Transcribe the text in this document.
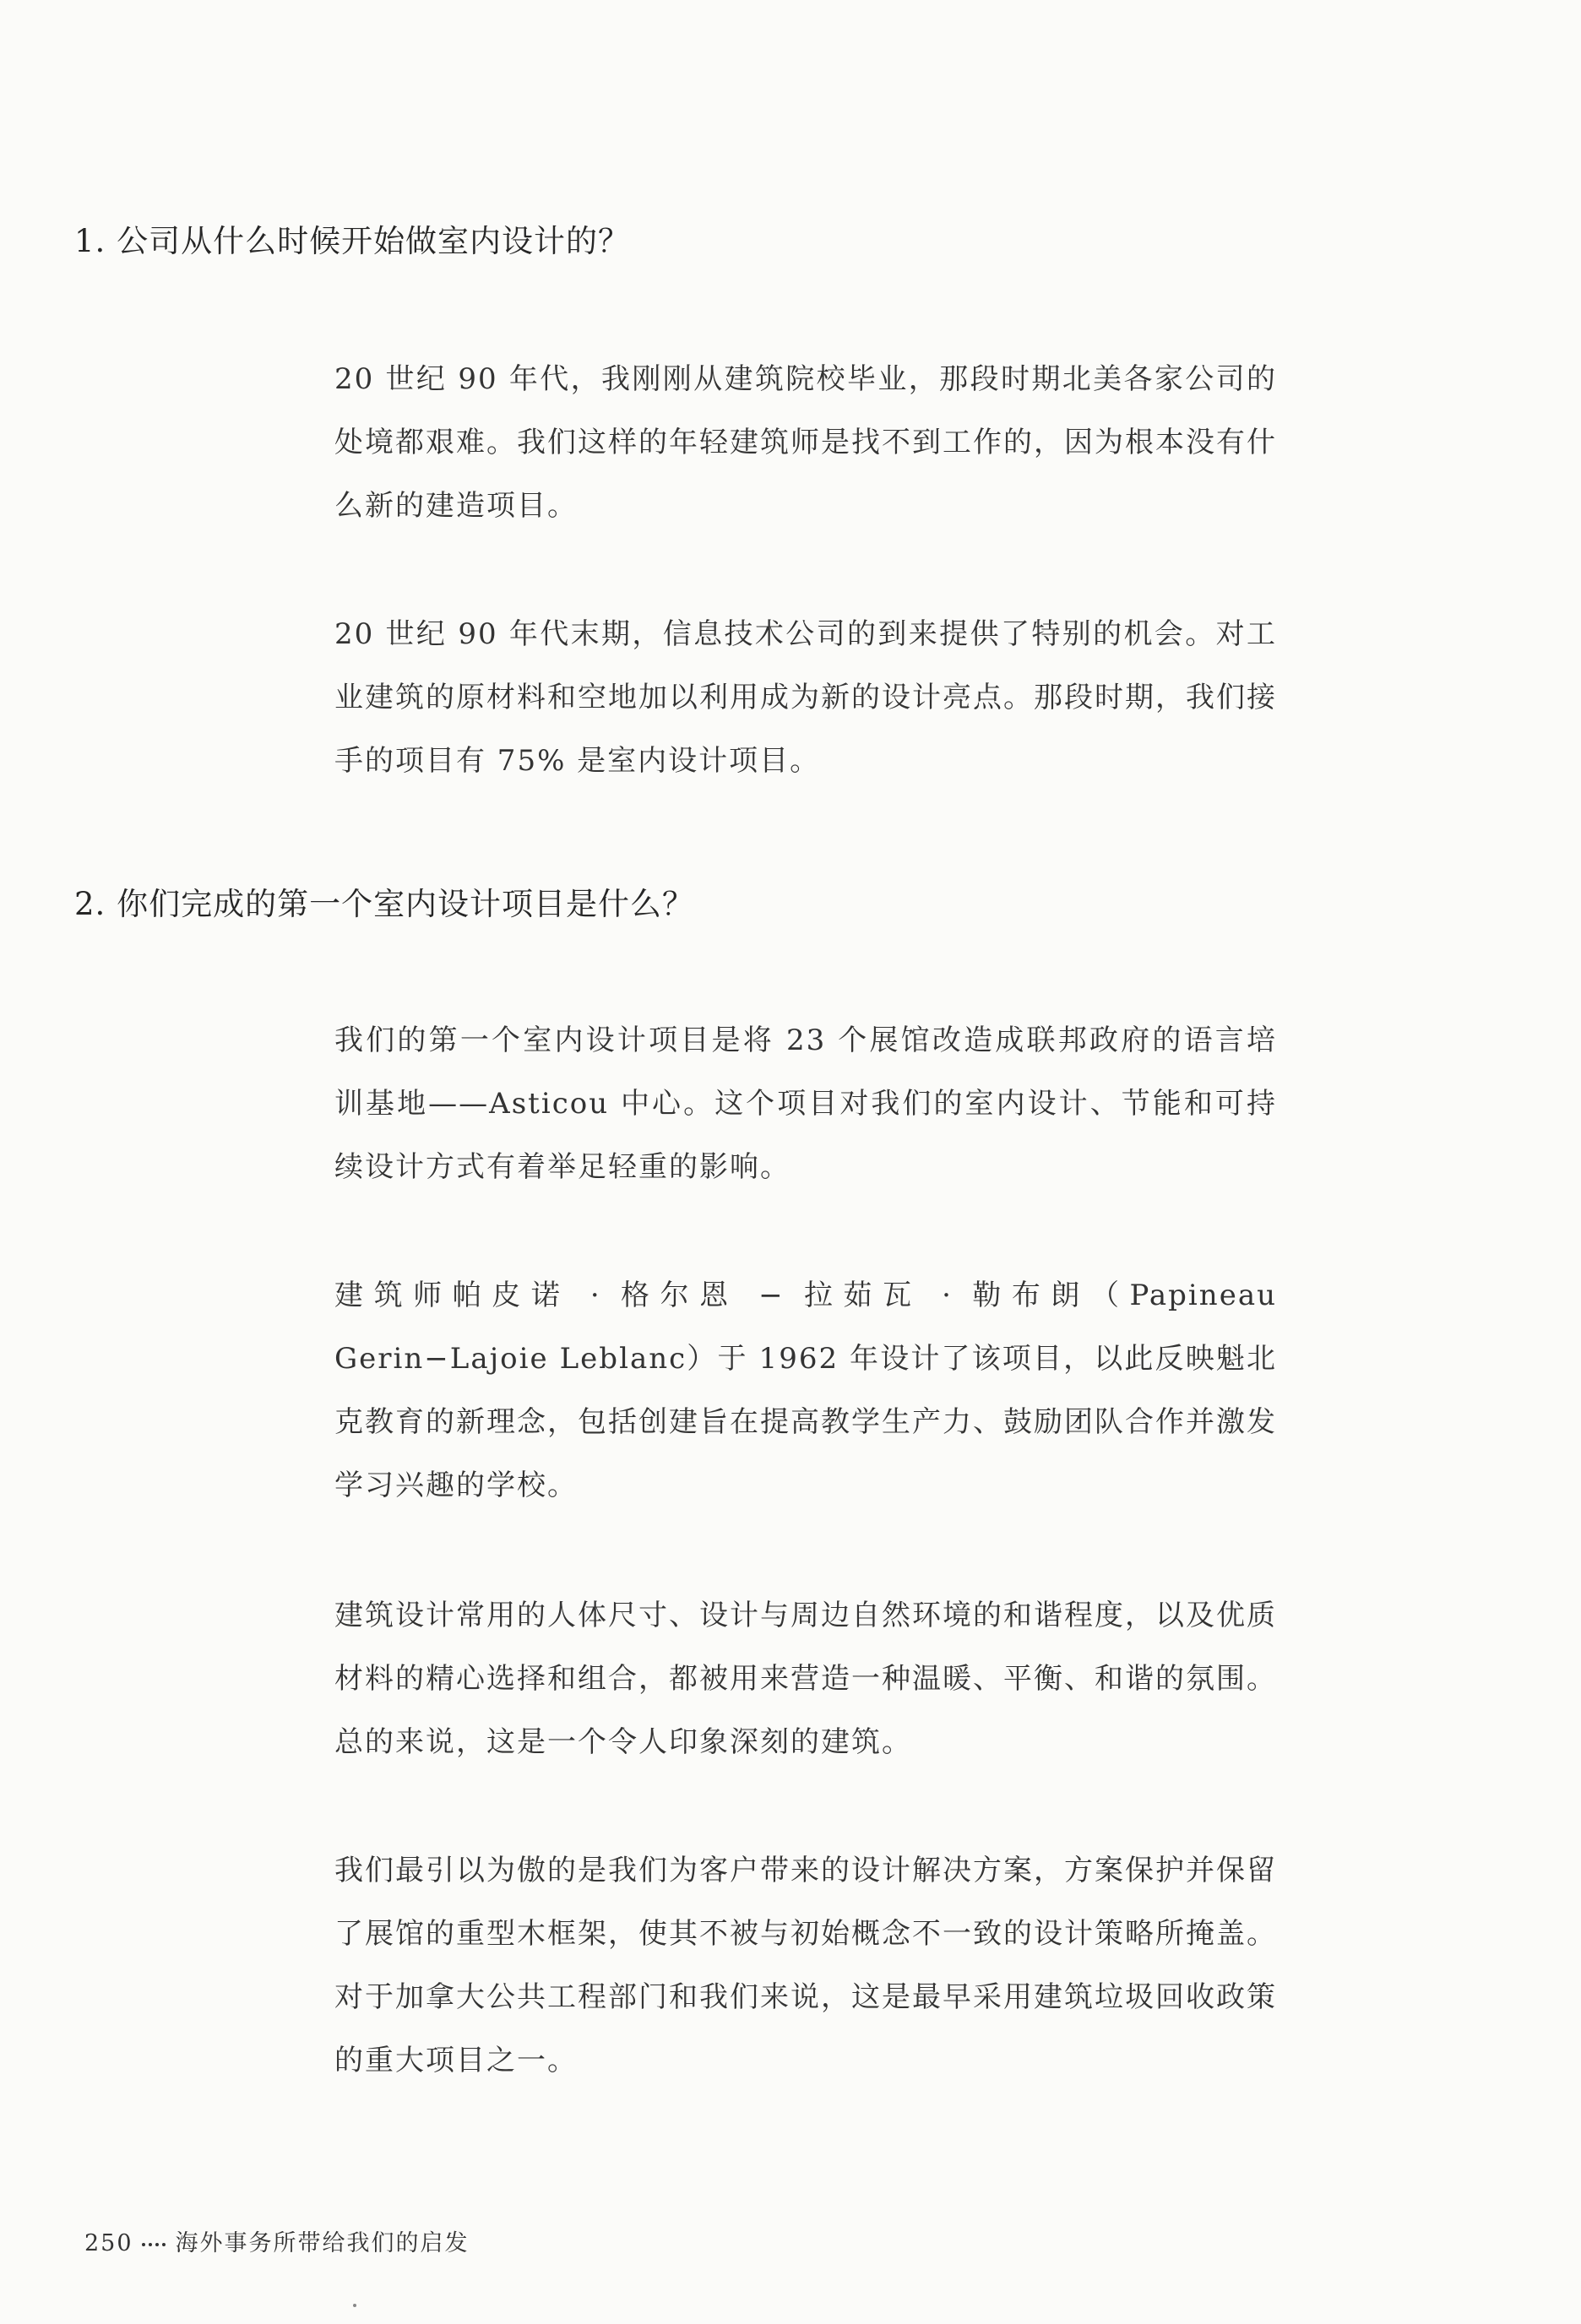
1. 公司从什么时候开始做室内设计的？

20 世纪 90 年代，我刚刚从建筑院校毕业，那段时期北美各家公司的处境都艰难。我们这样的年轻建筑师是找不到工作的，因为根本没有什么新的建造项目。

20 世纪 90 年代末期，信息技术公司的到来提供了特别的机会。对工业建筑的原材料和空地加以利用成为新的设计亮点。那段时期，我们接手的项目有 75% 是室内设计项目。

2. 你们完成的第一个室内设计项目是什么？

我们的第一个室内设计项目是将 23 个展馆改造成联邦政府的语言培训基地——Asticou 中心。这个项目对我们的室内设计、节能和可持续设计方式有着举足轻重的影响。

建筑师帕皮诺 · 格尔恩 − 拉茹瓦 · 勒布朗（Papineau Gerin−Lajoie Leblanc）于 1962 年设计了该项目，以此反映魁北克教育的新理念，包括创建旨在提高教学生产力、鼓励团队合作并激发学习兴趣的学校。

建筑设计常用的人体尺寸、设计与周边自然环境的和谐程度，以及优质材料的精心选择和组合，都被用来营造一种温暖、平衡、和谐的氛围。总的来说，这是一个令人印象深刻的建筑。

我们最引以为傲的是我们为客户带来的设计解决方案，方案保护并保留了展馆的重型木框架，使其不被与初始概念不一致的设计策略所掩盖。对于加拿大公共工程部门和我们来说，这是最早采用建筑垃圾回收政策的重大项目之一。

250 海外事务所带给我们的启发
